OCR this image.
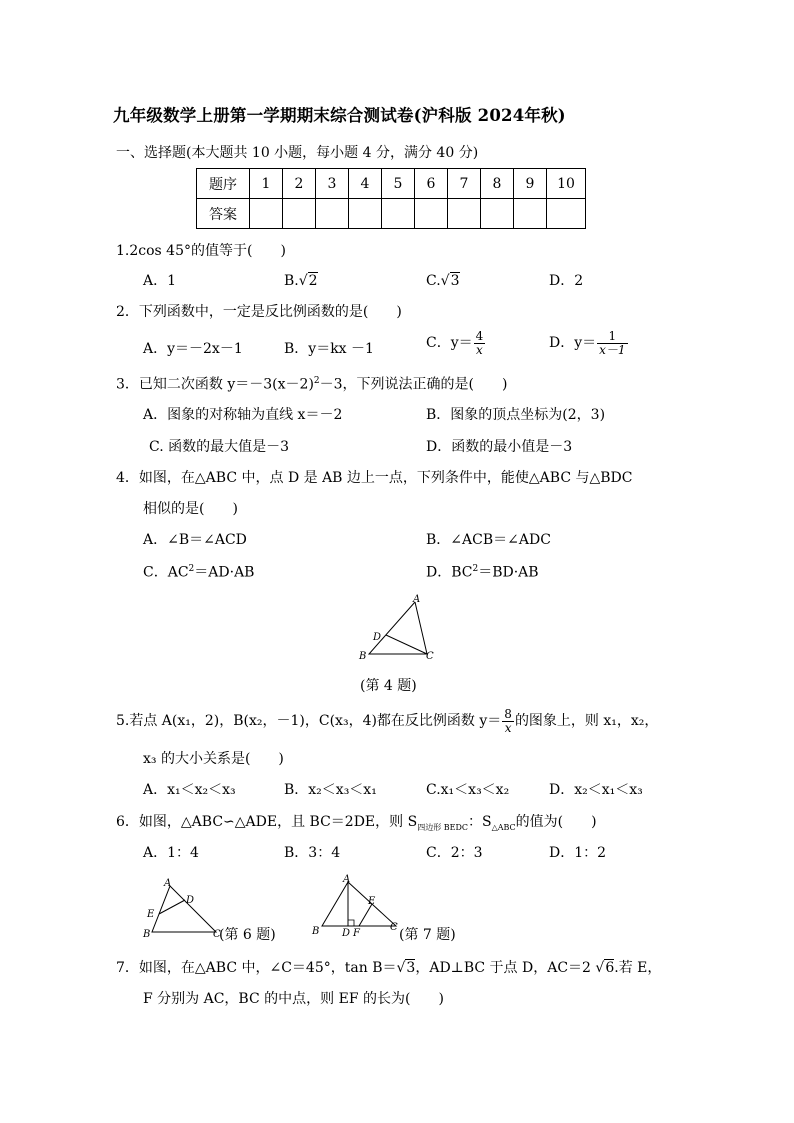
九年级数学上册第一学期期末综合测试卷(沪科版 2024年秋)
一、选择题(本大题共 10 小题，每小题 4 分，满分 40 分)
题序	1	2	3	4	5	6	7	8	9	10
答案										
1.2cos 45°的值等于(　　)
A．1	B.√2	C.√3	D．2
2．下列函数中，一定是反比例函数的是(　　)
A．y＝－2x－1	B．y＝kx －1	C．$y= \frac{4}{x}$	D．$y= \frac{1}{x-1}$
3．已知二次函数 $y=-3(x-2)^2-3$，下列说法正确的是(　　)
A．图象的对称轴为直线 x＝－2	B．图象的顶点坐标为(2，3)
C. 函数的最大值是－3	D．函数的最小值是－3
4．如图，在△ABC 中，点 D 是 AB 边上一点，下列条件中，能使△ABC 与△BDC
相似的是(　　)
A．∠B＝∠ACD	B．∠ACB＝∠ADC
C．$AC^2=AD\cdot AB$	D．$BC^2=BD\cdot AB$
A
D
B	C
(第 4 题)
5.若点 A(x₁，2)，B(x₂，－1)，C(x₃，4)都在反比例函数 $y= \frac{8}{x}$ 的图象上，则 x₁，x₂，
x₃ 的大小关系是(　　)
A．x₁＜x₂＜x₃	B．x₂＜x₃＜x₁	C.x₁＜x₃＜x₂	D．x₂＜x₁＜x₃
6．如图，△ABC∽△ADE，且 BC＝2DE，则 $S_{四边形 BEDC}$：$S_{\triangle ABC}$的值为(　　)
A．1：4	B．3：4	C．2：3	D．1：2
A
D
E
B	C
(第 6 题)
A
E
B D F
C (第 7 题)
7．如图，在△ABC 中，∠C＝45°，tan B＝√3，AD⊥BC 于点 D，AC＝2 √6.若 E，
F 分别为 AC，BC 的中点，则 EF 的长为(　　)
